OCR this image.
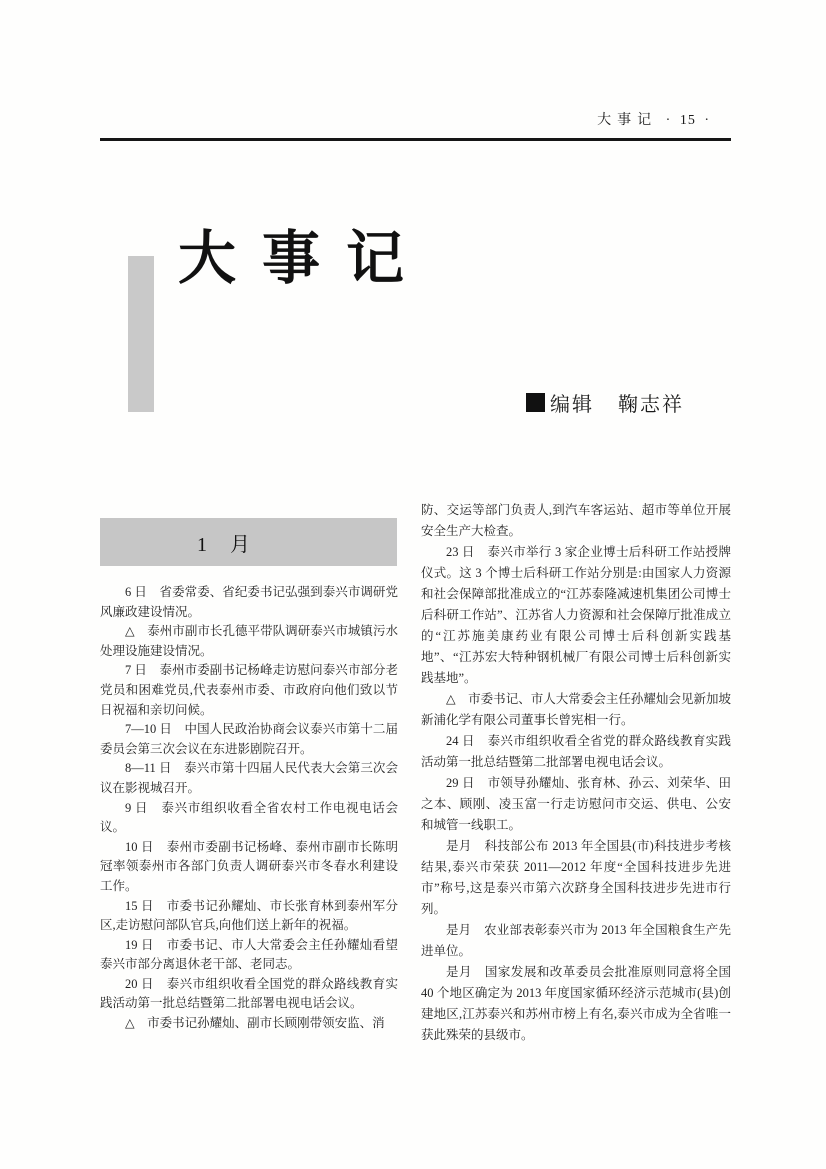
大事记 · 15 ·
大事记
编辑 鞠志祥
1 月

6 日　省委常委、省纪委书记弘强到泰兴市调研党风廉政建设情况。

△　泰州市副市长孔德平带队调研泰兴市城镇污水处理设施建设情况。

7 日　泰州市委副书记杨峰走访慰问泰兴市部分老党员和困难党员,代表泰州市委、市政府向他们致以节日祝福和亲切问候。

7—10 日　中国人民政治协商会议泰兴市第十二届委员会第三次会议在东进影剧院召开。

8—11 日　泰兴市第十四届人民代表大会第三次会议在影视城召开。

9 日　泰兴市组织收看全省农村工作电视电话会议。

10 日　泰州市委副书记杨峰、泰州市副市长陈明冠率领泰州市各部门负责人调研泰兴市冬春水利建设工作。

15 日　市委书记孙耀灿、市长张育林到泰州军分区,走访慰问部队官兵,向他们送上新年的祝福。

19 日　市委书记、市人大常委会主任孙耀灿看望泰兴市部分离退休老干部、老同志。

20 日　泰兴市组织收看全国党的群众路线教育实践活动第一批总结暨第二批部署电视电话会议。

△　市委书记孙耀灿、副市长顾刚带领安监、消

防、交运等部门负责人,到汽车客运站、超市等单位开展安全生产大检查。

23 日　泰兴市举行 3 家企业博士后科研工作站授牌仪式。这 3 个博士后科研工作站分别是:由国家人力资源和社会保障部批准成立的“江苏泰隆减速机集团公司博士后科研工作站”、江苏省人力资源和社会保障厅批准成立的“江苏施美康药业有限公司博士后科创新实践基地”、“江苏宏大特种钢机械厂有限公司博士后科创新实践基地”。

△　市委书记、市人大常委会主任孙耀灿会见新加坡新浦化学有限公司董事长曾宪相一行。

24 日　泰兴市组织收看全省党的群众路线教育实践活动第一批总结暨第二批部署电视电话会议。

29 日　市领导孙耀灿、张育林、孙云、刘荣华、田之本、顾刚、凌玉富一行走访慰问市交运、供电、公安和城管一线职工。

是月　科技部公布 2013 年全国县(市)科技进步考核结果,泰兴市荣获 2011—2012 年度“全国科技进步先进市”称号,这是泰兴市第六次跻身全国科技进步先进市行列。

是月　农业部表彰泰兴市为 2013 年全国粮食生产先进单位。

是月　国家发展和改革委员会批准原则同意将全国 40 个地区确定为 2013 年度国家循环经济示范城市(县)创建地区,江苏泰兴和苏州市榜上有名,泰兴市成为全省唯一获此殊荣的县级市。
